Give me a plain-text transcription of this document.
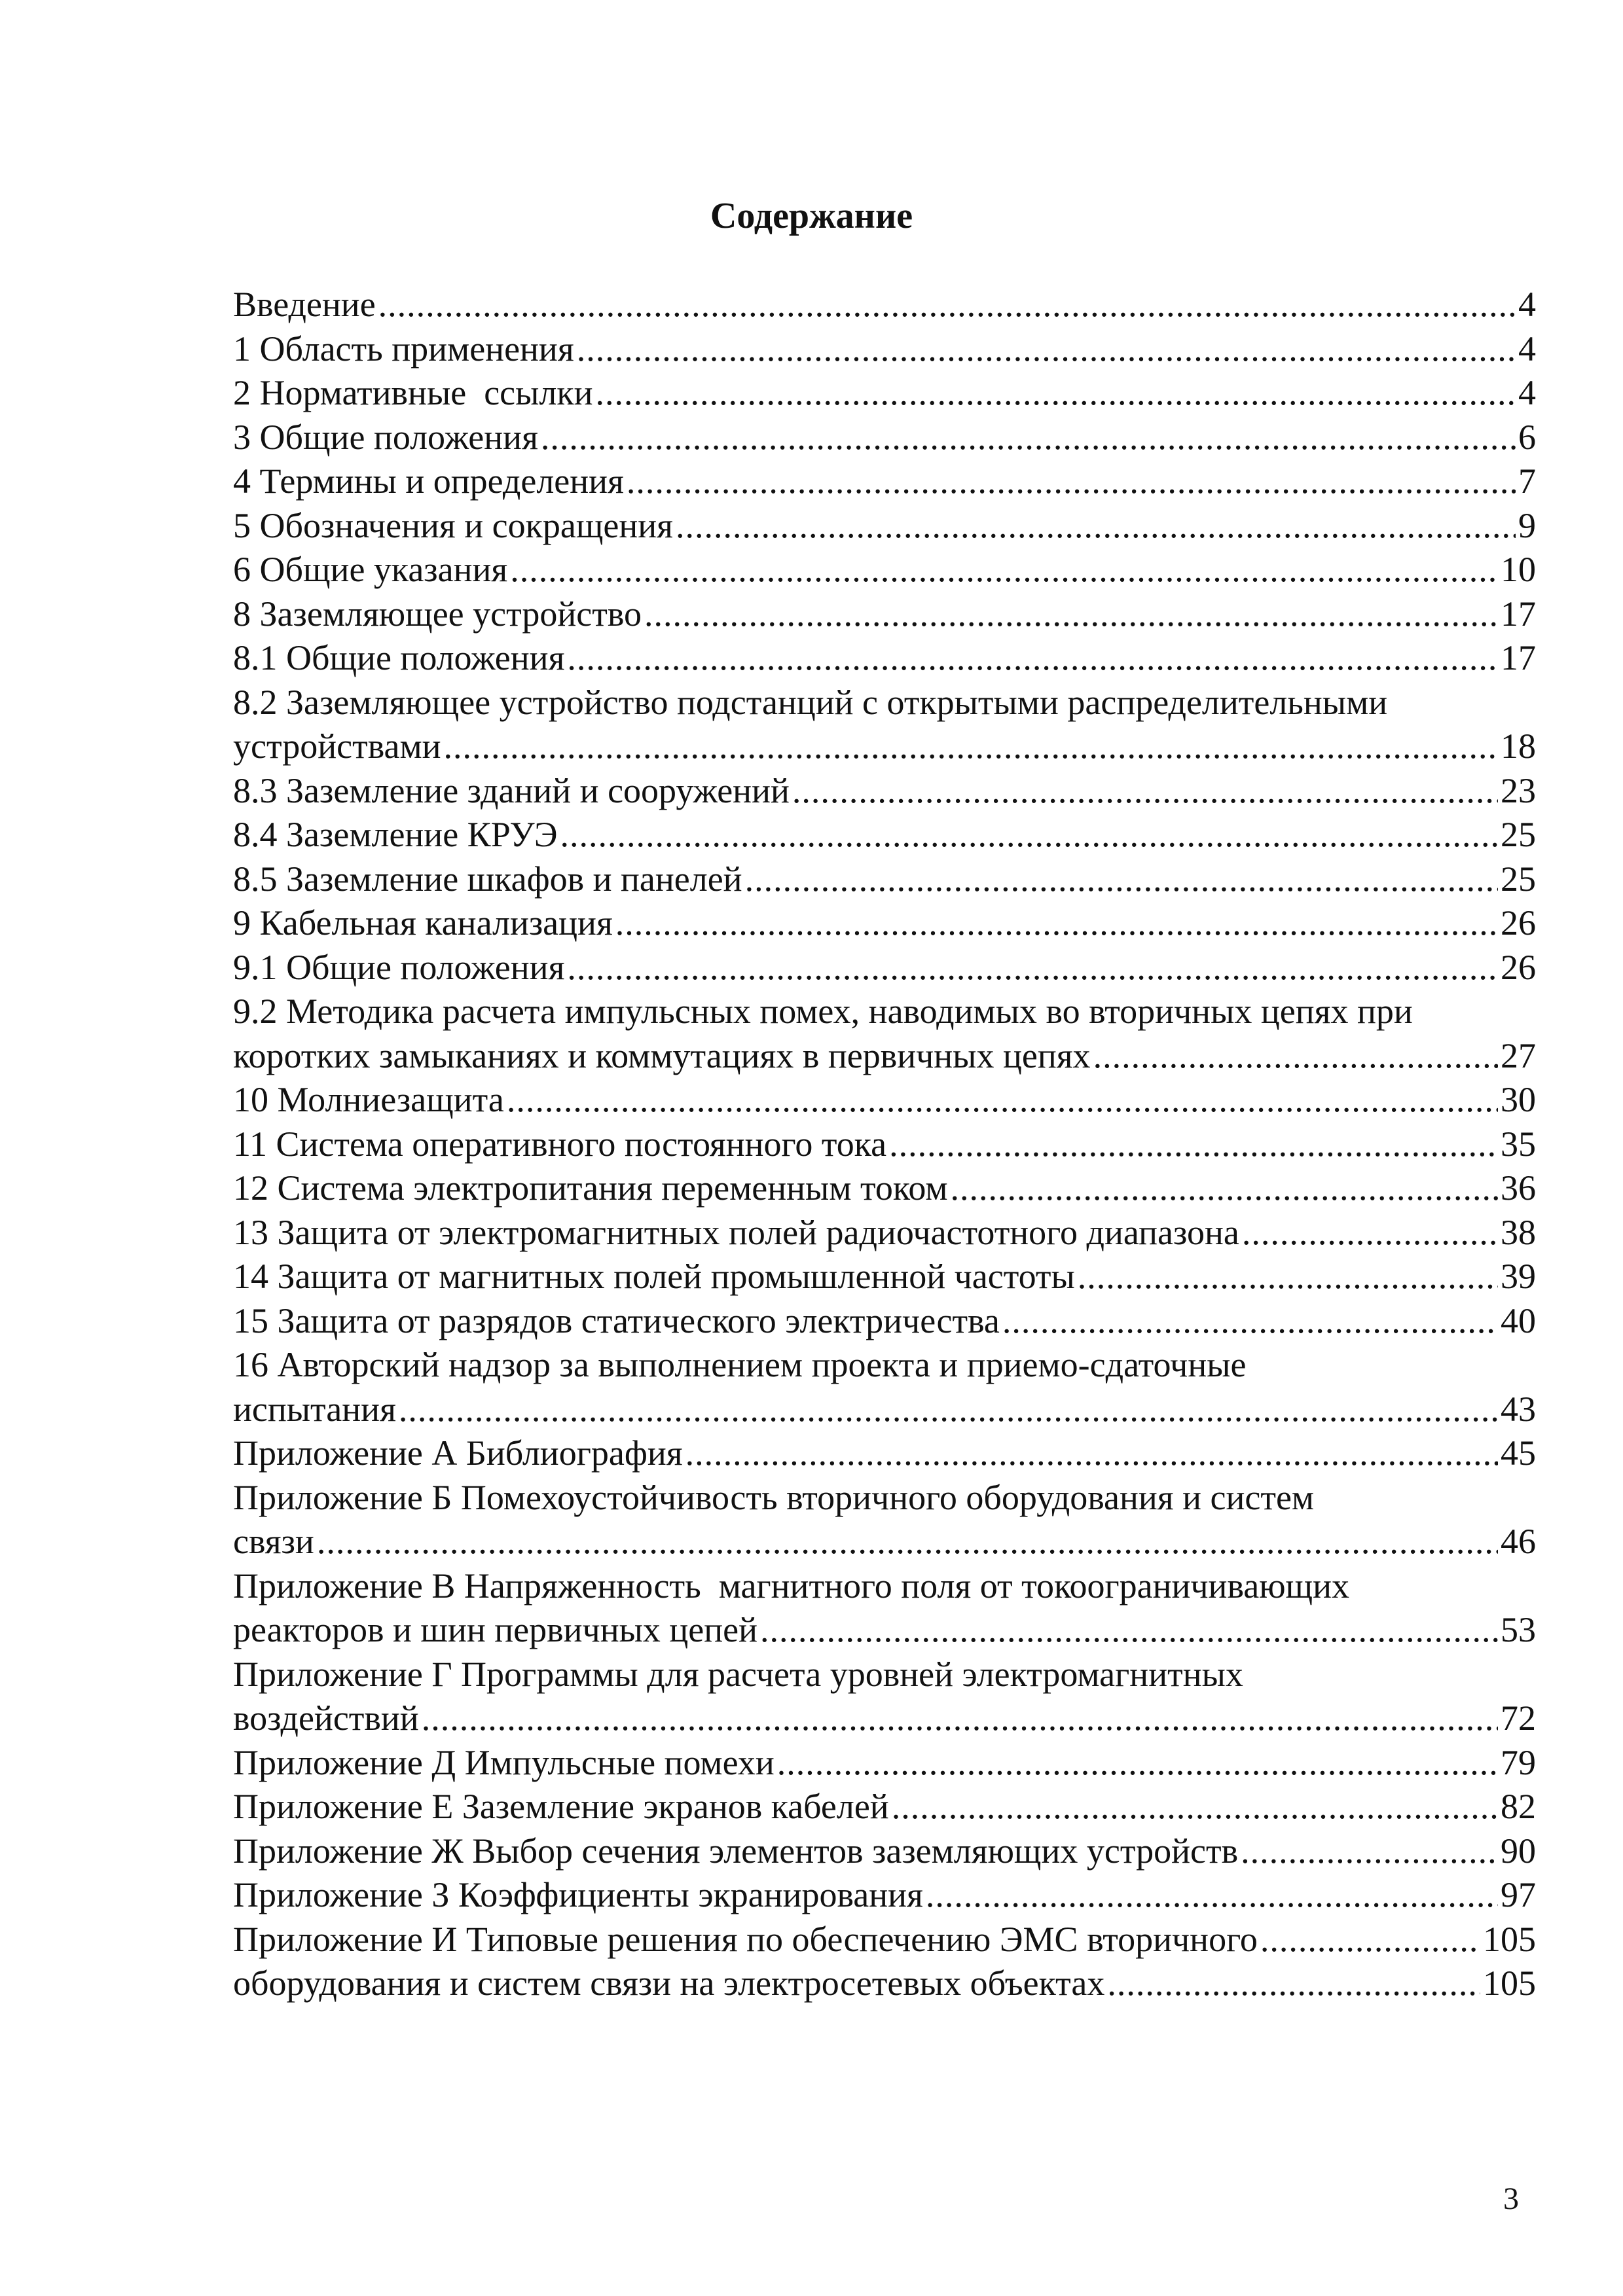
Содержание
Введение .....	4
1 Область применения .....	4
2 Нормативные  ссылки .....	4
3 Общие положения .....	6
4 Термины и определения .....	7
5 Обозначения и сокращения .....	9
6 Общие указания .....	10
8 Заземляющее устройство .....	17
8.1 Общие положения .....	17
8.2 Заземляющее устройство подстанций с открытыми распределительными
устройствами .....	18
8.3 Заземление зданий и сооружений .....	23
8.4 Заземление КРУЭ .....	25
8.5 Заземление шкафов и панелей .....	25
9 Кабельная канализация .....	26
9.1 Общие положения .....	26
9.2 Методика расчета импульсных помех, наводимых во вторичных цепях при
коротких замыканиях и коммутациях в первичных цепях .....	27
10 Молниезащита .....	30
11 Система оперативного постоянного тока .....	35
12 Система электропитания переменным током .....	36
13 Защита от электромагнитных полей радиочастотного диапазона .....	38
14 Защита от магнитных полей промышленной частоты .....	39
15 Защита от разрядов статического электричества .....	40
16 Авторский надзор за выполнением проекта и приемо-сдаточные
испытания .....	43
Приложение А Библиография .....	45
Приложение Б Помехоустойчивость вторичного оборудования и систем
связи .....	46
Приложение В Напряженность  магнитного поля от токоограничивающих
реакторов и шин первичных цепей .....	53
Приложение Г Программы для расчета уровней электромагнитных
воздействий .....	72
Приложение Д Импульсные помехи .....	79
Приложение Е Заземление экранов кабелей .....	82
Приложение Ж Выбор сечения элементов заземляющих устройств .....	90
Приложение З Коэффициенты экранирования .....	97
Приложение И Типовые решения по обеспечению ЭМС вторичного .....	105
оборудования и систем связи на электросетевых объектах .....	105
3
